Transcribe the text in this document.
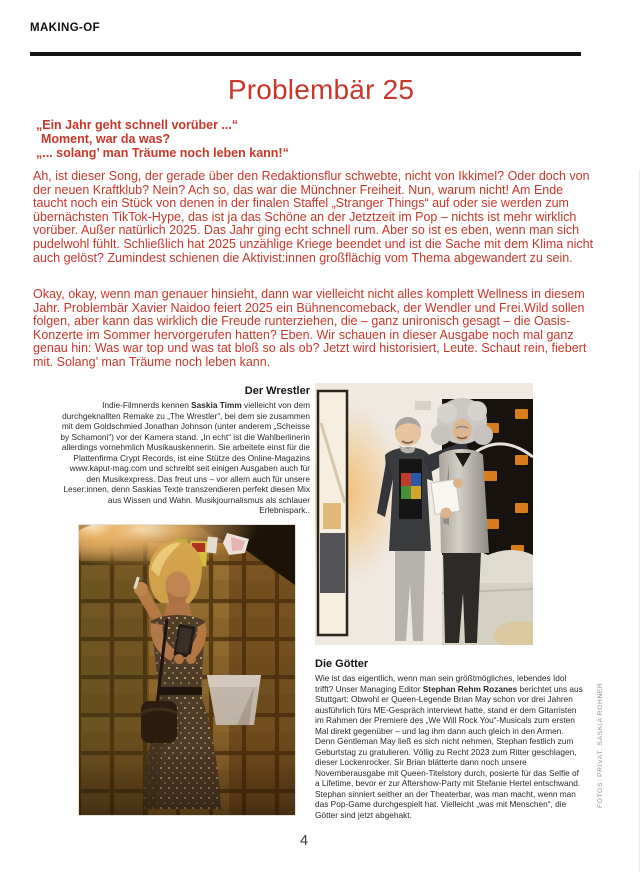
MAKING-OF
Problembär 25
„Ein Jahr geht schnell vorüber ...“
Moment, war da was?
„... solang’ man Träume noch leben kann!“

Ah, ist dieser Song, der gerade über den Redaktionsflur schwebte, nicht von Ikkimel? Oder doch von der neuen Kraftklub? Nein? Ach so, das war die Münchner Freiheit. Nun, warum nicht! Am Ende taucht noch ein Stück von denen in der finalen Staffel „Stranger Things“ auf oder sie werden zum übernächsten TikTok-Hype, das ist ja das Schöne an der Jetztzeit im Pop – nichts ist mehr wirklich vorüber. Außer natürlich 2025. Das Jahr ging echt schnell rum. Aber so ist es eben, wenn man sich pudelwohl fühlt. Schließlich hat 2025 unzählige Kriege beendet und ist die Sache mit dem Klima nicht auch gelöst? Zumindest schienen die Aktivist:innen großflächig vom Thema abgewandert zu sein.

Okay, okay, wenn man genauer hinsieht, dann war vielleicht nicht alles komplett Wellness in diesem Jahr. Problembär Xavier Naidoo feiert 2025 ein Bühnencomeback, der Wendler und Frei.Wild sollen folgen, aber kann das wirklich die Freude runterziehen, die – ganz unironisch gesagt – die Oasis-Konzerte im Sommer hervorgerufen hatten? Eben. Wir schauen in dieser Ausgabe noch mal ganz genau hin: Was war top und was tat bloß so als ob? Jetzt wird historisiert, Leute. Schaut rein, fiebert mit. Solang’ man Träume noch leben kann.

Der Wrestler

Indie-Filmnerds kennen Saskia Timm vielleicht von dem durchgeknallten Remake zu „The Wrestler“, bei dem sie zusammen mit dem Goldschmied Jonathan Johnson (unter anderem „Scheisse by Schamoni“) vor der Kamera stand. „In echt“ ist die Wahlberlinerin allerdings vornehmlich Musikauskennerin. Sie arbeitete einst für die Plattenfirma Crypt Records, ist eine Stütze des Online-Magazins www.kaput-mag.com und schreibt seit einigen Ausgaben auch für den Musikexpress. Das freut uns – vor allem auch für unsere Leser:innen, denn Saskias Texte transzendieren perfekt diesen Mix aus Wissen und Wahn. Musikjournalismus als schlauer Erlebnispark..

Die Götter

Wie ist das eigentlich, wenn man sein größtmögliches, lebendes Idol trifft? Unser Managing Editor Stephan Rehm Rozanes berichtet uns aus Stuttgart: Obwohl er Queen-Legende Brian May schon vor drei Jahren ausführlich fürs ME-Gespräch interviewt hatte, stand er dem Gitarristen im Rahmen der Premiere des „We Will Rock You“-Musicals zum ersten Mal direkt gegenüber – und lag ihm dann auch gleich in den Armen. Denn Gentleman May ließ es sich nicht nehmen, Stephan festlich zum Geburtstag zu gratulieren. Völlig zu Recht 2023 zum Ritter geschlagen, dieser Lockenrocker. Sir Brian blätterte dann noch unsere Novemberausgabe mit Queen-Titelstory durch, posierte für das Selfie of a Lifetime, bevor er zur Aftershow-Party mit Stefanie Hertel entschwand. Stephan sinniert seither an der Theaterbar, was man macht, wenn man das Pop-Game durchgespielt hat. Vielleicht „was mit Menschen“, die Götter sind jetzt abgehakt.

FOTOS: PRIVAT, SASKIA ROHNER
4
